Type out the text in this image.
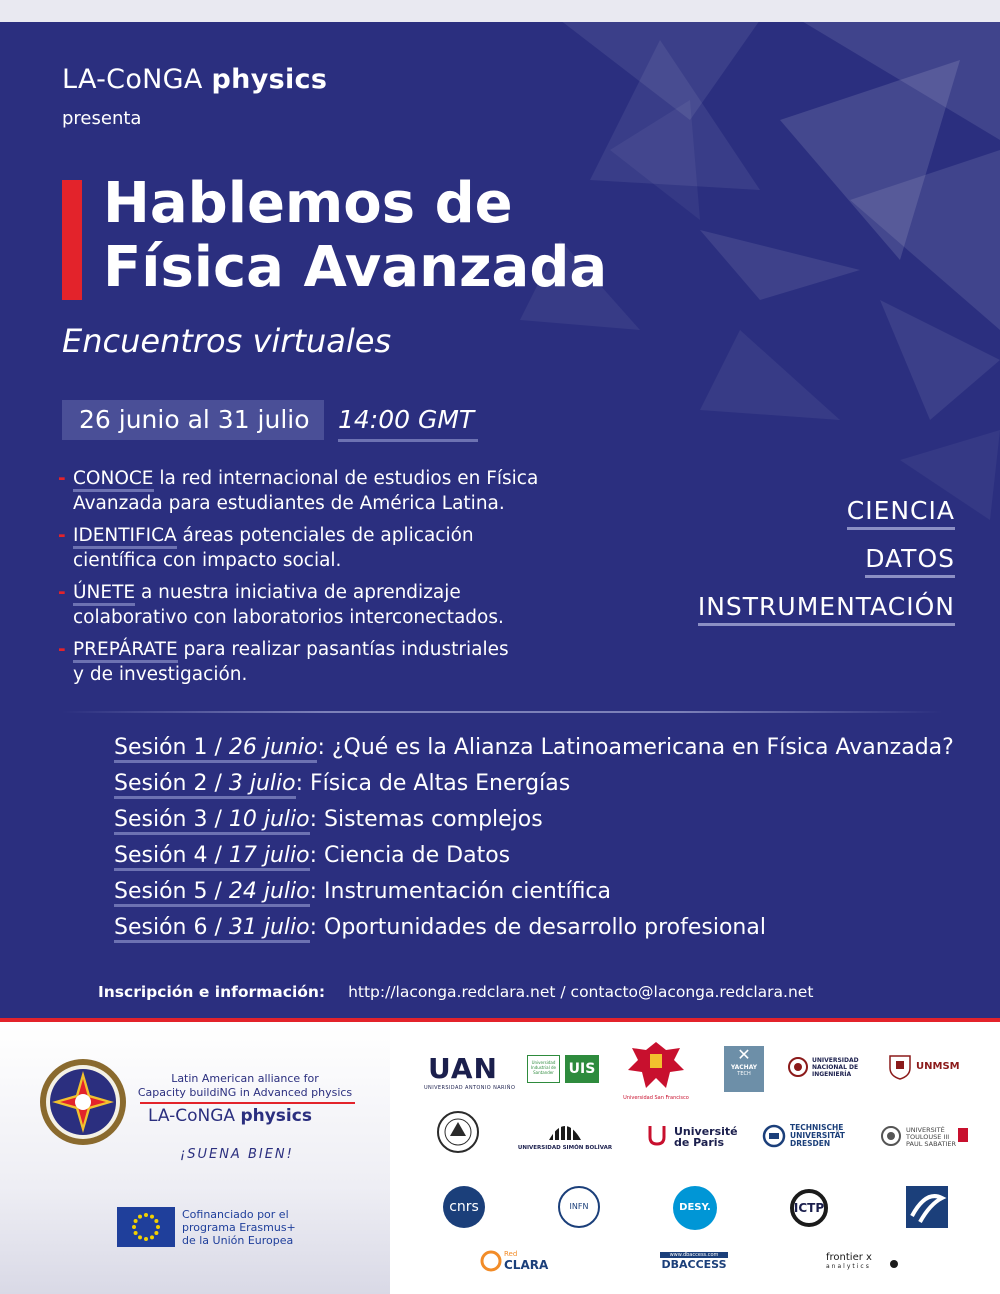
LA-CoNGA physics
presenta
Hablemos de
Física Avanzada
Encuentros virtuales
26 junio al 31 julio	14:00 GMT
- CONOCE la red internacional de estudios en Física
Avanzada para estudiantes de América Latina.
- IDENTIFICA áreas potenciales de aplicación
científica con impacto social.
- ÚNETE a nuestra iniciativa de aprendizaje
colaborativo con laboratorios interconectados.
- PREPÁRATE para realizar pasantías industriales
y de investigación.
CIENCIA
DATOS
INSTRUMENTACIÓN
Sesión 1 / 26 junio: ¿Qué es la Alianza Latinoamericana en Física Avanzada?
Sesión 2 / 3 julio: Física de Altas Energías
Sesión 3 / 10 julio: Sistemas complejos
Sesión 4 / 17 julio: Ciencia de Datos
Sesión 5 / 24 julio: Instrumentación científica
Sesión 6 / 31 julio: Oportunidades de desarrollo profesional
Inscripción e información: http://laconga.redclara.net / contacto@laconga.redclara.net
Latin American alliance for
Capacity buildiNG in Advanced physics
LA-CoNGA physics
¡SUENA BIEN!
Cofinanciado por el
programa Erasmus+
de la Unión Europea
UAN
UNIVERSIDAD ANTONIO NARIÑO
Universidad Industrial de Santander	UIS
Universidad San Francisco
✕
YACHAY
TECH
UNIVERSIDAD
NACIONAL DE
INGENIERÍA
UNMSM
UNIVERSIDAD SIMÓN BOLÍVAR
Université
de Paris
TECHNISCHE
UNIVERSITÄT
DRESDEN
UNIVERSITÉ
TOULOUSE III
PAUL SABATIER
cnrs	INFN	DESY.	ICTP
Red
CLARA
www.dbaccess.com
DBACCESS
frontier x
analytics
